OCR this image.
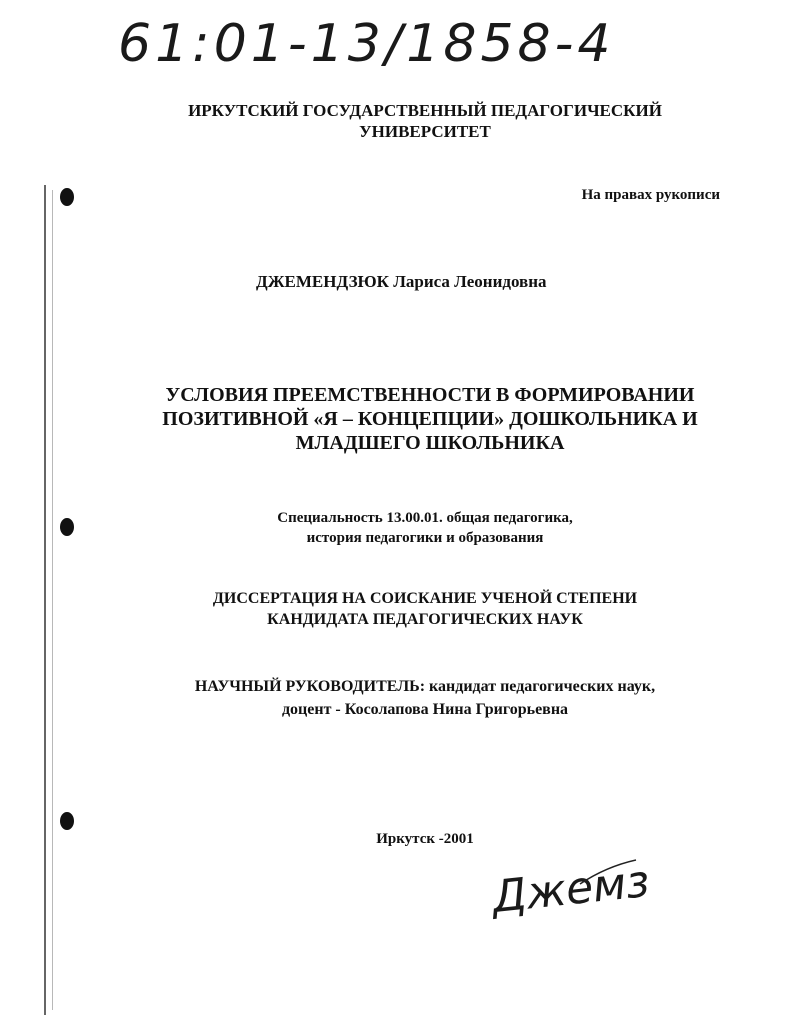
61:01-13/1858-4
ИРКУТСКИЙ ГОСУДАРСТВЕННЫЙ ПЕДАГОГИЧЕСКИЙ
УНИВЕРСИТЕТ
На правах рукописи
ДЖЕМЕНДЗЮК Лариса Леонидовна
УСЛОВИЯ ПРЕЕМСТВЕННОСТИ В ФОРМИРОВАНИИ
ПОЗИТИВНОЙ «Я – КОНЦЕПЦИИ» ДОШКОЛЬНИКА И
МЛАДШЕГО ШКОЛЬНИКА
Специальность 13.00.01. общая педагогика,
история педагогики и образования
ДИССЕРТАЦИЯ НА СОИСКАНИЕ УЧЕНОЙ СТЕПЕНИ
КАНДИДАТА ПЕДАГОГИЧЕСКИХ НАУК
НАУЧНЫЙ РУКОВОДИТЕЛЬ: кандидат педагогических наук,
доцент - Косолапова Нина Григорьевна
Иркутск -2001
Джемз
